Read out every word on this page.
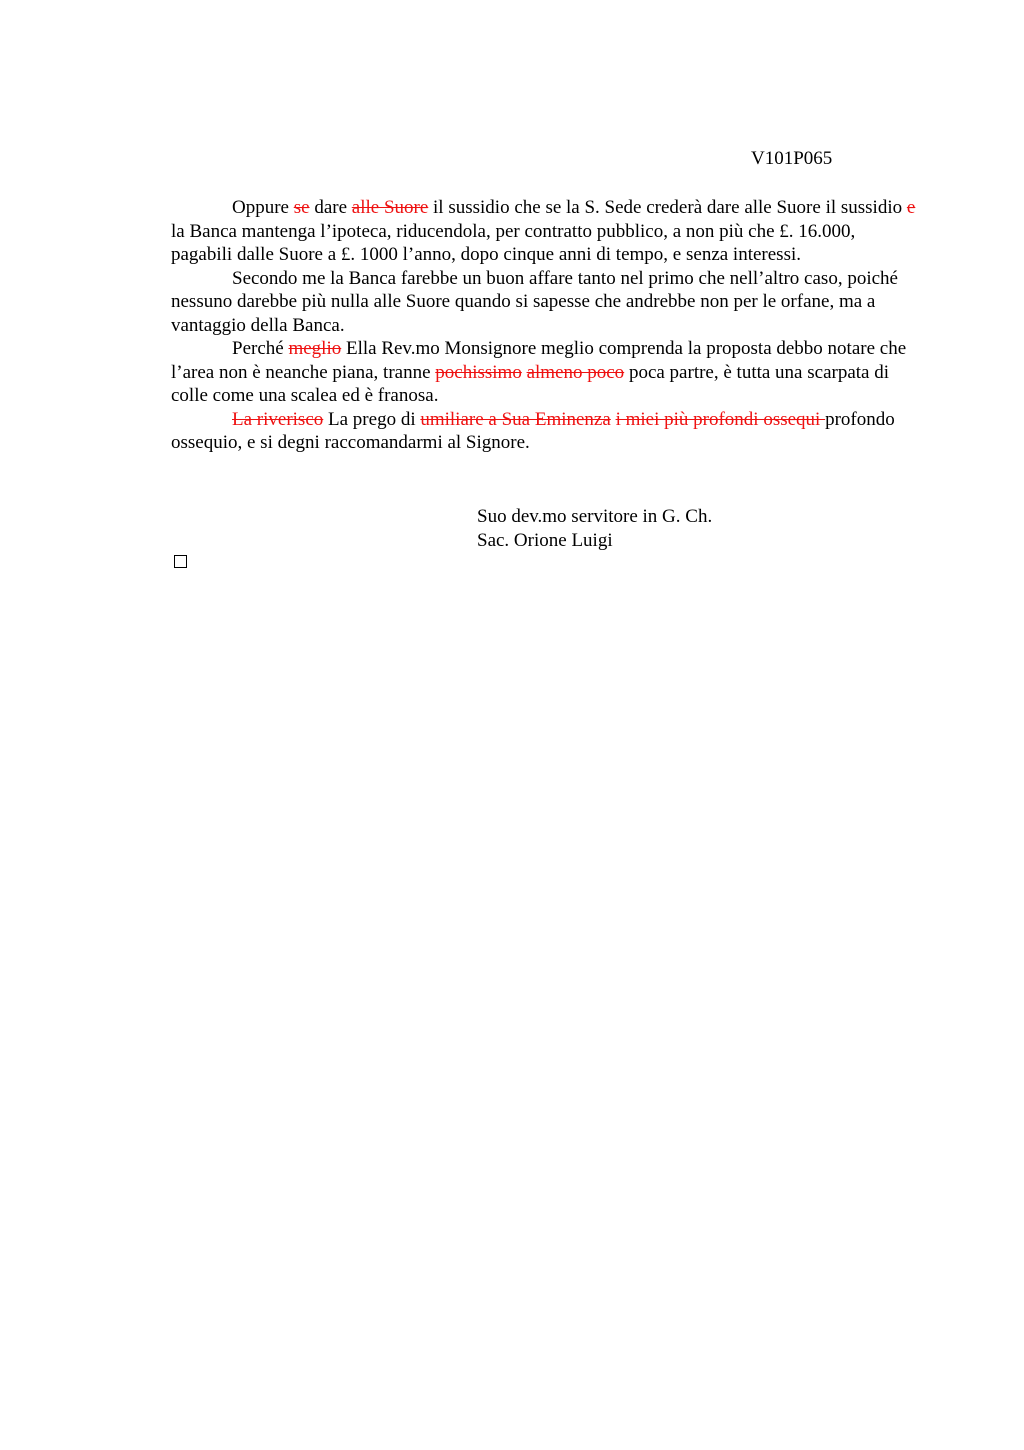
V101P065

Oppure se dare alle Suore il sussidio che se la S. Sede crederà dare alle Suore il sussidio e la Banca mantenga l’ipoteca, riducendola, per contratto pubblico, a non più che £. 16.000, pagabili dalle Suore a £. 1000 l’anno, dopo cinque anni di tempo, e senza interessi.

Secondo me la Banca farebbe un buon affare tanto nel primo che nell’altro caso, poiché nessuno darebbe più nulla alle Suore quando si sapesse che andrebbe non per le orfane, ma a vantaggio della Banca.

Perché meglio Ella Rev.mo Monsignore meglio comprenda la proposta debbo notare che l’area non è neanche piana, tranne pochissimo almeno poco poca partre, è tutta una scarpata di colle come una scalea ed è franosa.

La riverisco La prego di umiliare a Sua Eminenza i miei più profondi ossequi profondo ossequio, e si degni raccomandarmi al Signore.

Suo dev.mo servitore in G. Ch.
Sac. Orione Luigi
